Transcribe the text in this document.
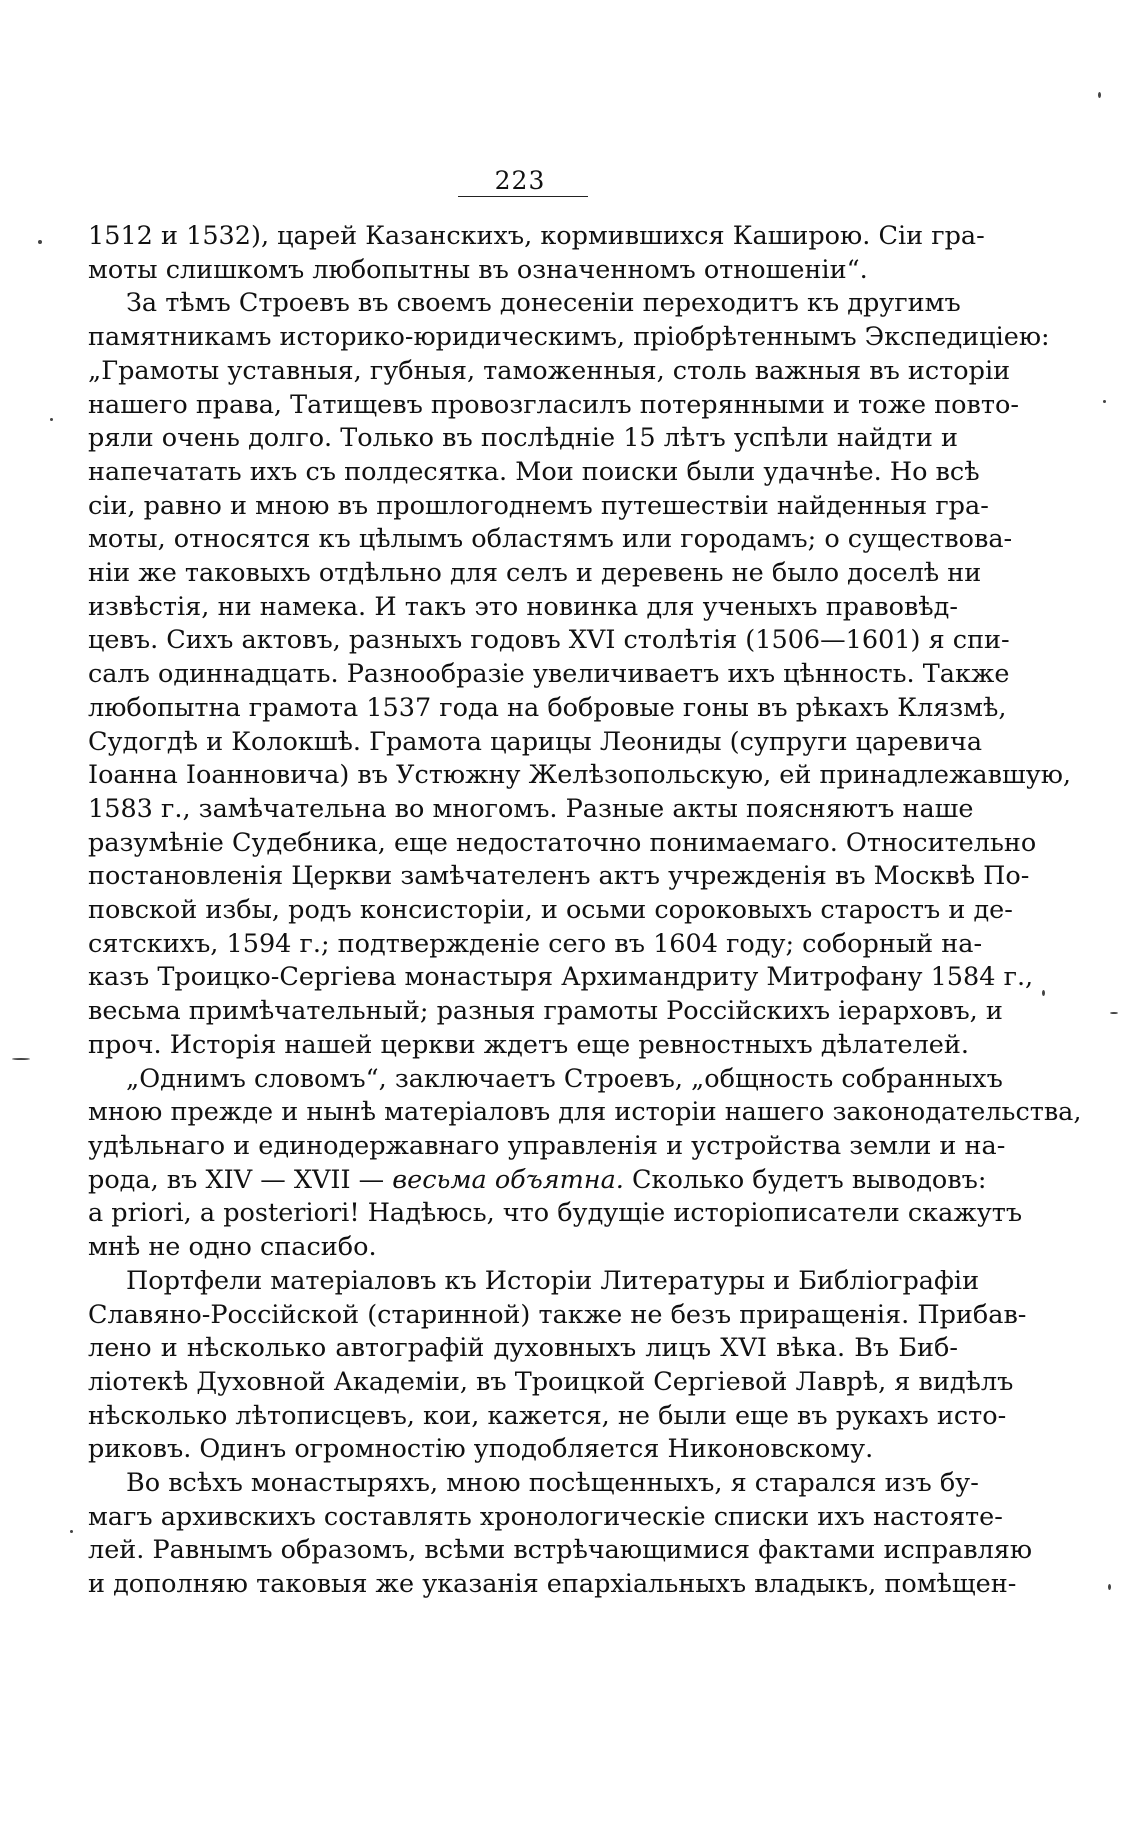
223
1512 и 1532), царей Казанскихъ, кормившихся Каширою. Сіи гра-
моты слишкомъ любопытны въ означенномъ отношеніи“.
За тѣмъ Строевъ въ своемъ донесеніи переходитъ къ другимъ
памятникамъ историко-юридическимъ, пріобрѣтеннымъ Экспедиціею:
„Грамоты уставныя, губныя, таможенныя, столь важныя въ исторіи
нашего права, Татищевъ провозгласилъ потерянными и тоже повто-
ряли очень долго. Только въ послѣдніе 15 лѣтъ успѣли найдти и
напечатать ихъ съ полдесятка. Мои поиски были удачнѣе. Но всѣ
сіи, равно и мною въ прошлогоднемъ путешествіи найденныя гра-
моты, относятся къ цѣлымъ областямъ или городамъ; о существова-
ніи же таковыхъ отдѣльно для селъ и деревень не было доселѣ ни
извѣстія, ни намека. И такъ это новинка для ученыхъ правовѣд-
цевъ. Сихъ актовъ, разныхъ годовъ XVI столѣтія (1506—1601) я спи-
салъ одиннадцать. Разнообразіе увеличиваетъ ихъ цѣнность. Также
любопытна грамота 1537 года на бобровые гоны въ рѣкахъ Клязмѣ,
Судогдѣ и Колокшѣ. Грамота царицы Леониды (супруги царевича
Іоанна Іоанновича) въ Устюжну Желѣзопольскую, ей принадлежавшую,
1583 г., замѣчательна во многомъ. Разные акты поясняютъ наше
разумѣніе Судебника, еще недостаточно понимаемаго. Относительно
постановленія Церкви замѣчателенъ актъ учрежденія въ Москвѣ По-
повской избы, родъ консисторіи, и осьми сороковыхъ старостъ и де-
сятскихъ, 1594 г.; подтвержденіе сего въ 1604 году; соборный на-
казъ Троицко-Сергіева монастыря Архимандриту Митрофану 1584 г.,
весьма примѣчательный; разныя грамоты Россійскихъ іерарховъ, и
проч. Исторія нашей церкви ждетъ еще ревностныхъ дѣлателей.
„Однимъ словомъ“, заключаетъ Строевъ, „общность собранныхъ
мною прежде и нынѣ матеріаловъ для исторіи нашего законодательства,
удѣльнаго и единодержавнаго управленія и устройства земли и на-
рода, въ XIV — XVII — весьма объятна. Сколько будетъ выводовъ:
a priori, a posteriori! Надѣюсь, что будущіе исторіописатели скажутъ
мнѣ не одно спасибо.
Портфели матеріаловъ къ Исторіи Литературы и Библіографіи
Славяно-Россійской (старинной) также не безъ приращенія. Прибав-
лено и нѣсколько автографій духовныхъ лицъ XVI вѣка. Въ Биб-
ліотекѣ Духовной Академіи, въ Троицкой Сергіевой Лаврѣ, я видѣлъ
нѣсколько лѣтописцевъ, кои, кажется, не были еще въ рукахъ исто-
риковъ. Одинъ огромностію уподобляется Никоновскому.
Во всѣхъ монастыряхъ, мною посѣщенныхъ, я старался изъ бу-
магъ архивскихъ составлять хронологическіе списки ихъ настояте-
лей. Равнымъ образомъ, всѣми встрѣчающимися фактами исправляю
и дополняю таковыя же указанія епархіальныхъ владыкъ, помѣщен-
